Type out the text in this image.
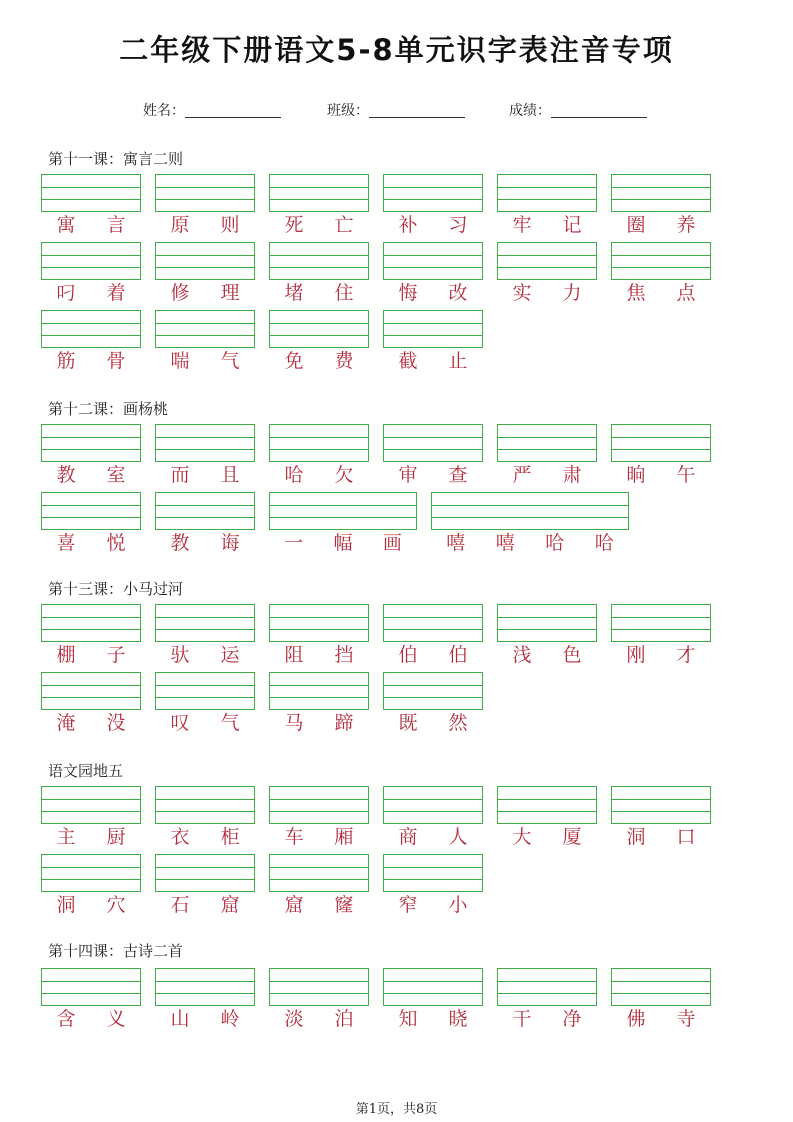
二年级下册语文5-8单元识字表注音专项
姓名：	班级：	成绩：
第十一课：寓言二则
寓 言 原 则 死 亡 补 习 牢 记 圈 养
叼 着 修 理 堵 住 悔 改 实 力 焦 点
筋 骨 喘 气 免 费 截 止
第十二课：画杨桃
教 室 而 且 哈 欠 审 查 严 肃 晌 午
喜 悦 教 诲 一 幅 画 嘻 嘻 哈 哈
第十三课：小马过河
棚 子 驮 运 阻 挡 伯 伯 浅 色 刚 才
淹 没 叹 气 马 蹄 既 然
语文园地五
主 厨 衣 柜 车 厢 商 人 大 厦 洞 口
洞 穴 石 窟 窟 窿 窄 小
第十四课：古诗二首
含 义 山 岭 淡 泊 知 晓 干 净 佛 寺
第1页，共8页
